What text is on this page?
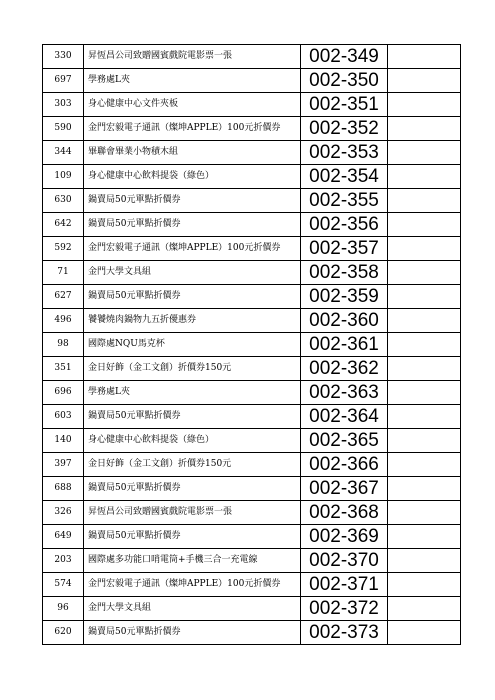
330	昇恆昌公司致贈國賓戲院電影票一張	002-349	
697	學務處L夾	002-350	
303	身心健康中心文件夾板	002-351	
590	金門宏毅電子通訊（燦坤APPLE）100元折價券	002-352	
344	畢聯會畢業小物積木組	002-353	
109	身心健康中心飲料提袋（綠色）	002-354	
630	鍋賣局50元單點折價券	002-355	
642	鍋賣局50元單點折價券	002-356	
592	金門宏毅電子通訊（燦坤APPLE）100元折價券	002-357	
71	金門大學文具組	002-358	
627	鍋賣局50元單點折價券	002-359	
496	饕饕燒肉鍋物九五折優惠券	002-360	
98	國際處NQU馬克杯	002-361	
351	金日好飾（金工文創）折價券150元	002-362	
696	學務處L夾	002-363	
603	鍋賣局50元單點折價券	002-364	
140	身心健康中心飲料提袋（綠色）	002-365	
397	金日好飾（金工文創）折價券150元	002-366	
688	鍋賣局50元單點折價券	002-367	
326	昇恆昌公司致贈國賓戲院電影票一張	002-368	
649	鍋賣局50元單點折價券	002-369	
203	國際處多功能口哨電筒+手機三合一充電線	002-370	
574	金門宏毅電子通訊（燦坤APPLE）100元折價券	002-371	
96	金門大學文具組	002-372	
620	鍋賣局50元單點折價券	002-373	
